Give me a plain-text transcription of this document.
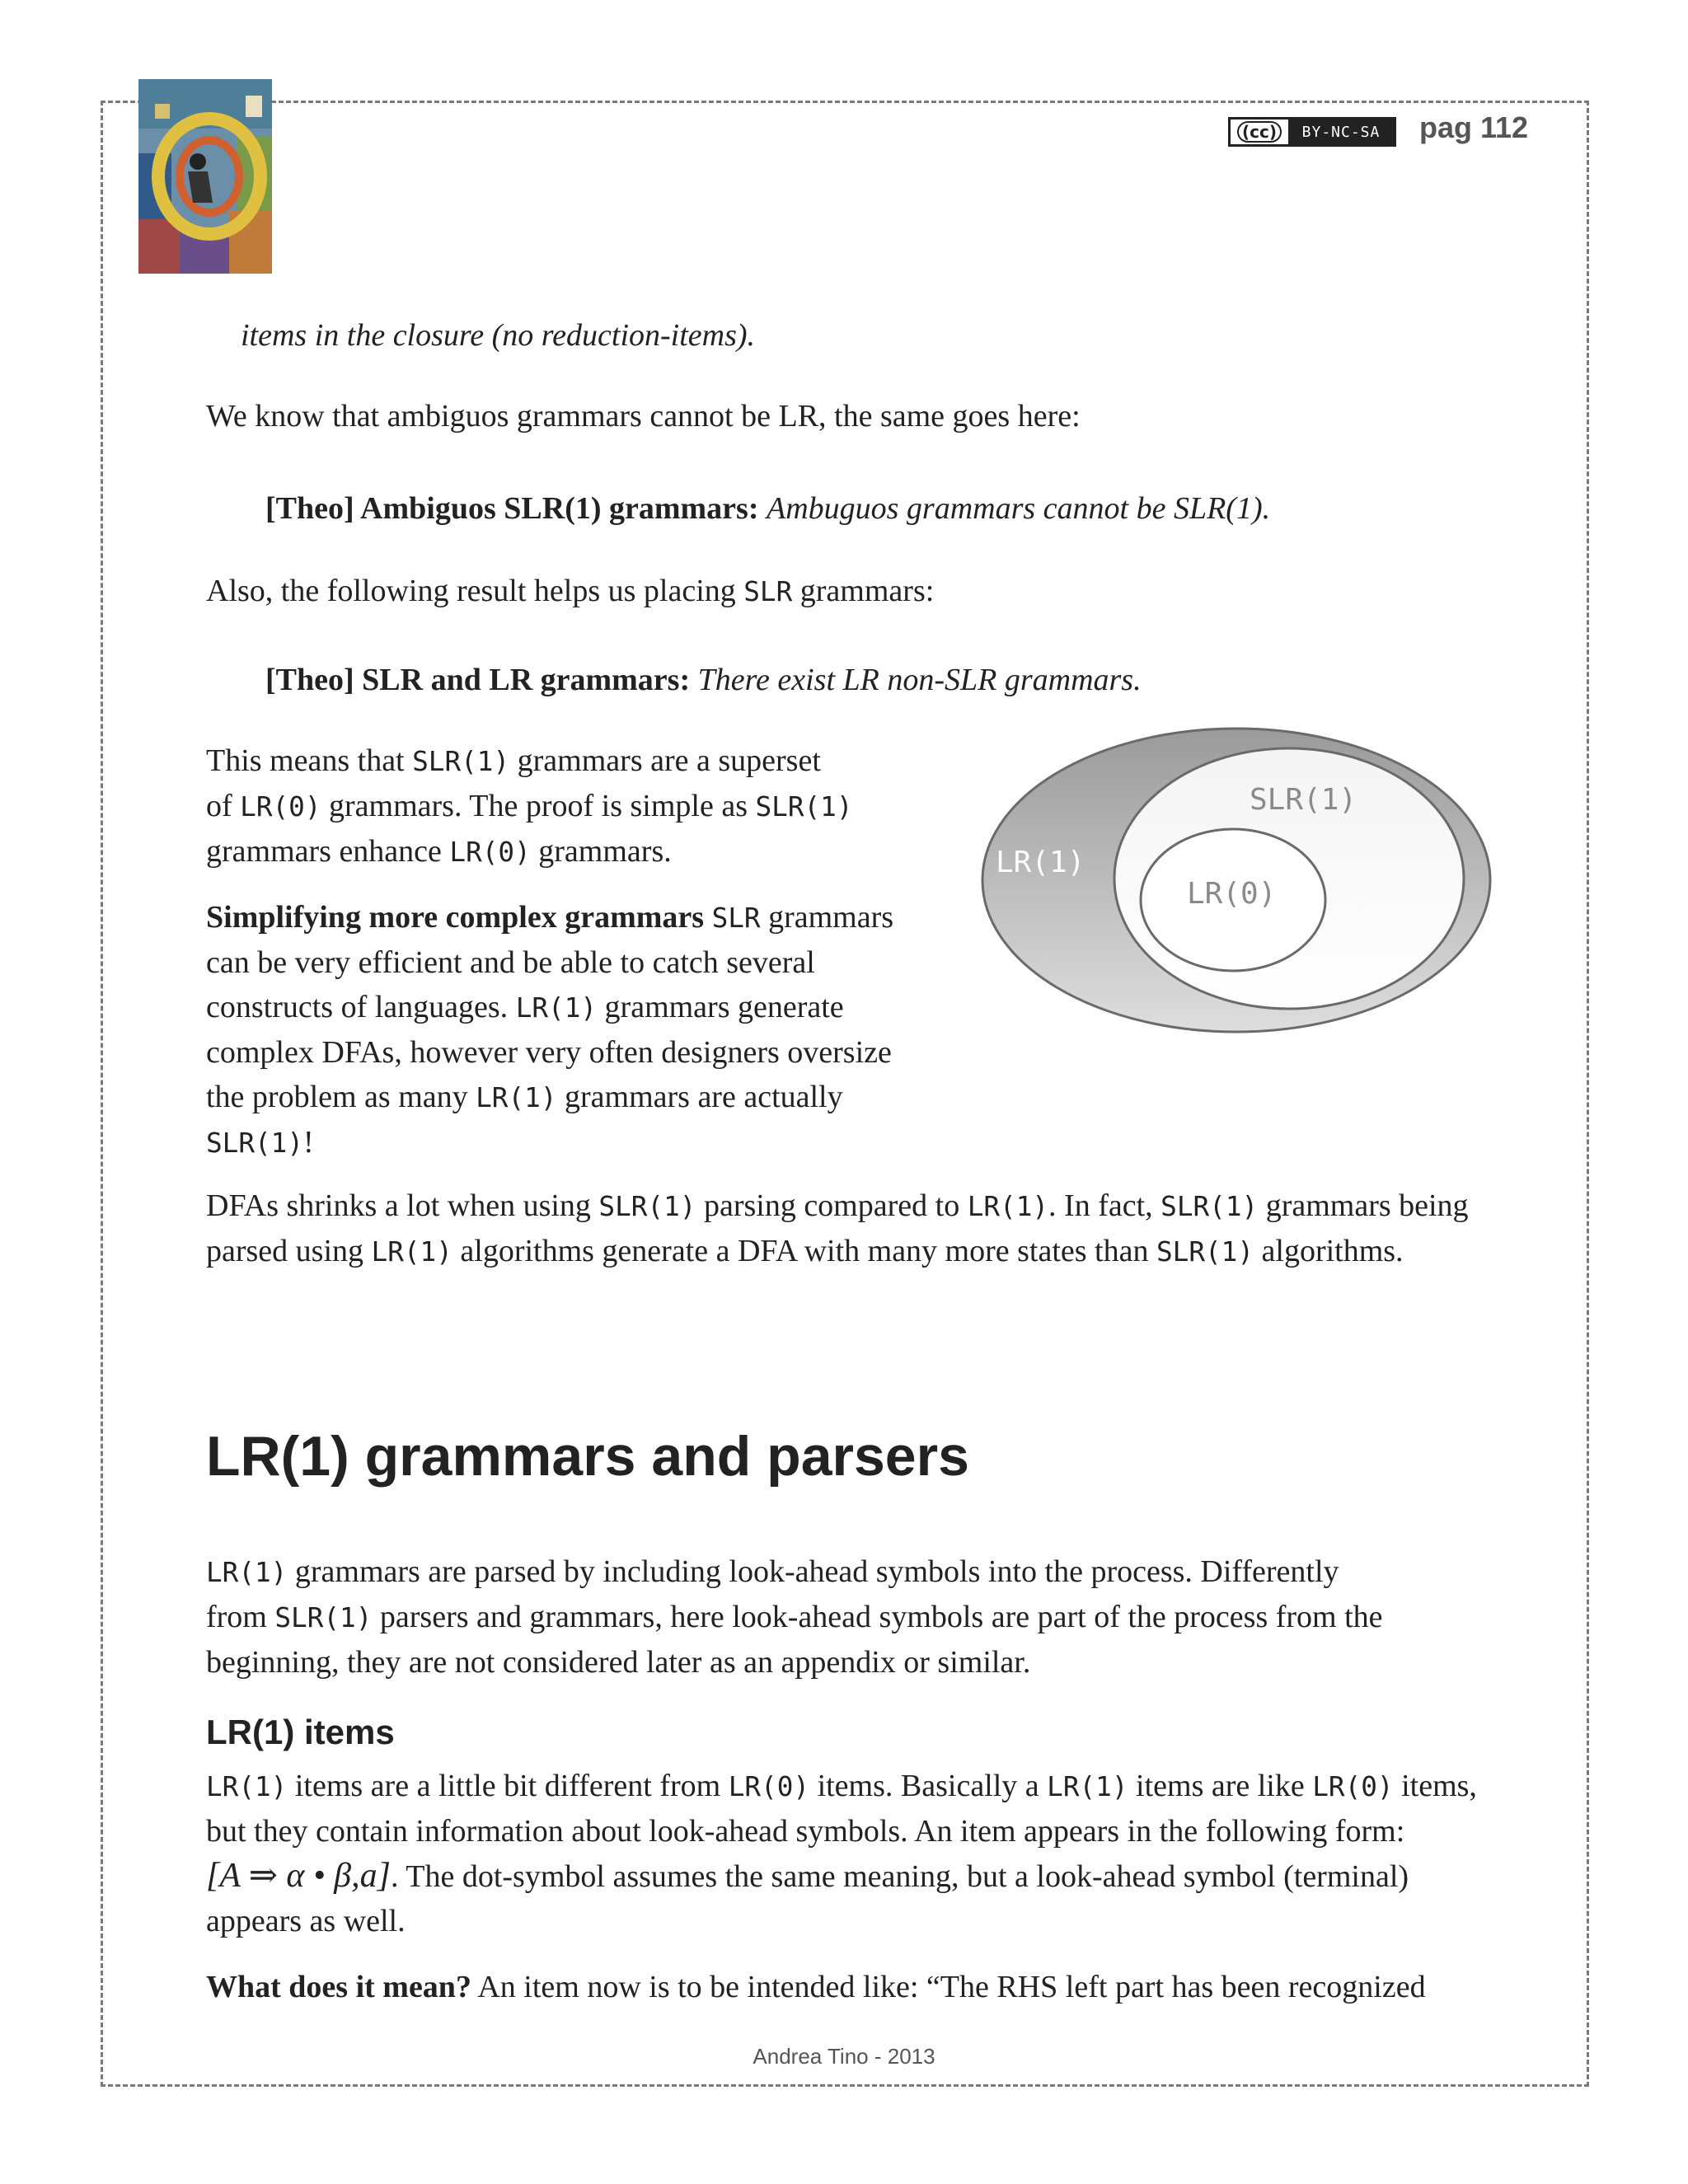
(cc)	BY-NC-SA	pag 112

items in the closure (no reduction-items).

We know that ambiguos grammars cannot be LR, the same goes here:

[Theo] Ambiguos SLR(1) grammars: Ambuguos grammars cannot be SLR(1).

Also, the following result helps us placing SLR grammars:

[Theo] SLR and LR grammars: There exist LR non-SLR grammars.

This means that SLR(1) grammars are a superset
of LR(0) grammars. The proof is simple as SLR(1)
grammars enhance LR(0) grammars.

Simplifying more complex grammars SLR grammars
can be very efficient and be able to catch several
constructs of languages. LR(1) grammars generate
complex DFAs, however very often designers oversize
the problem as many LR(1) grammars are actually
SLR(1)!

LR(1)
SLR(1)
LR(0)

DFAs shrinks a lot when using SLR(1) parsing compared to LR(1). In fact, SLR(1) grammars being
parsed using LR(1) algorithms generate a DFA with many more states than SLR(1) algorithms.

LR(1) grammars and parsers

LR(1) grammars are parsed by including look-ahead symbols into the process. Differently
from SLR(1) parsers and grammars, here look-ahead symbols are part of the process from the
beginning, they are not considered later as an appendix or similar.

LR(1) items

LR(1) items are a little bit different from LR(0) items. Basically a LR(1) items are like LR(0) items,
but they contain information about look-ahead symbols. An item appears in the following form:
[A ⇒ α • β,a]. The dot-symbol assumes the same meaning, but a look-ahead symbol (terminal)
appears as well.

What does it mean? An item now is to be intended like: “The RHS left part has been recognized

Andrea Tino - 2013
